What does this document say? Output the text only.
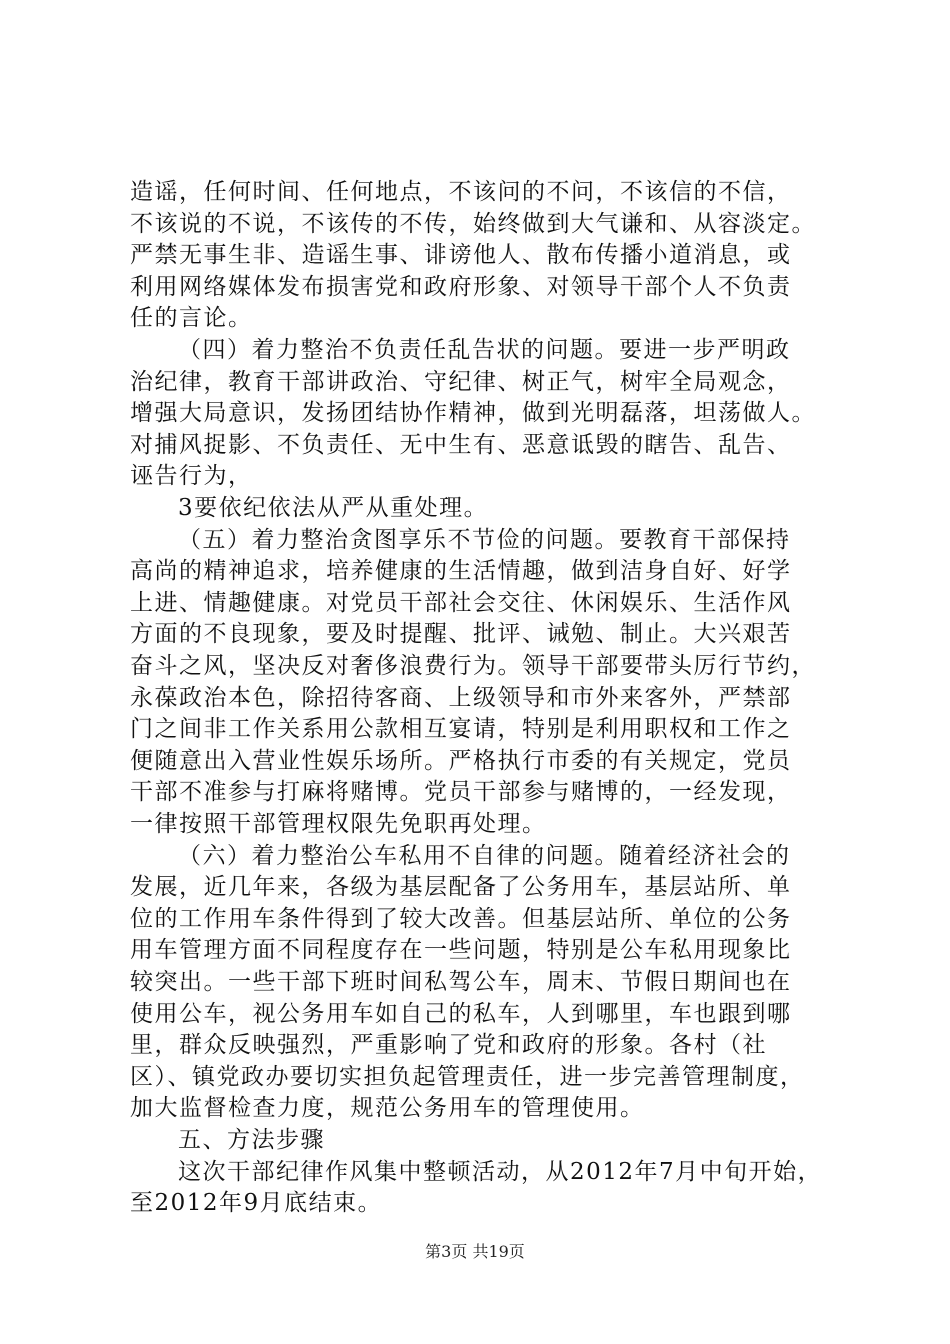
造谣，任何时间、任何地点，不该问的不问，不该信的不信，
不该说的不说，不该传的不传，始终做到大气谦和、从容淡定。
严禁无事生非、造谣生事、诽谤他人、散布传播小道消息，或
利用网络媒体发布损害党和政府形象、对领导干部个人不负责
任的言论。
（四）着力整治不负责任乱告状的问题。要进一步严明政
治纪律，教育干部讲政治、守纪律、树正气，树牢全局观念，
增强大局意识，发扬团结协作精神，做到光明磊落，坦荡做人。
对捕风捉影、不负责任、无中生有、恶意诋毁的瞎告、乱告、
诬告行为，
3要依纪依法从严从重处理。
（五）着力整治贪图享乐不节俭的问题。要教育干部保持
高尚的精神追求，培养健康的生活情趣，做到洁身自好、好学
上进、情趣健康。对党员干部社会交往、休闲娱乐、生活作风
方面的不良现象，要及时提醒、批评、诫勉、制止。大兴艰苦
奋斗之风，坚决反对奢侈浪费行为。领导干部要带头厉行节约，
永葆政治本色，除招待客商、上级领导和市外来客外，严禁部
门之间非工作关系用公款相互宴请，特别是利用职权和工作之
便随意出入营业性娱乐场所。严格执行市委的有关规定，党员
干部不准参与打麻将赌博。党员干部参与赌博的，一经发现，
一律按照干部管理权限先免职再处理。
（六）着力整治公车私用不自律的问题。随着经济社会的
发展，近几年来，各级为基层配备了公务用车，基层站所、单
位的工作用车条件得到了较大改善。但基层站所、单位的公务
用车管理方面不同程度存在一些问题，特别是公车私用现象比
较突出。一些干部下班时间私驾公车，周末、节假日期间也在
使用公车，视公务用车如自己的私车，人到哪里，车也跟到哪
里，群众反映强烈，严重影响了党和政府的形象。各村（社
区）、镇党政办要切实担负起管理责任，进一步完善管理制度，
加大监督检查力度，规范公务用车的管理使用。
五、方法步骤
这次干部纪律作风集中整顿活动，从2012年7月中旬开始，
至2012年9月底结束。
第3页 共19页
